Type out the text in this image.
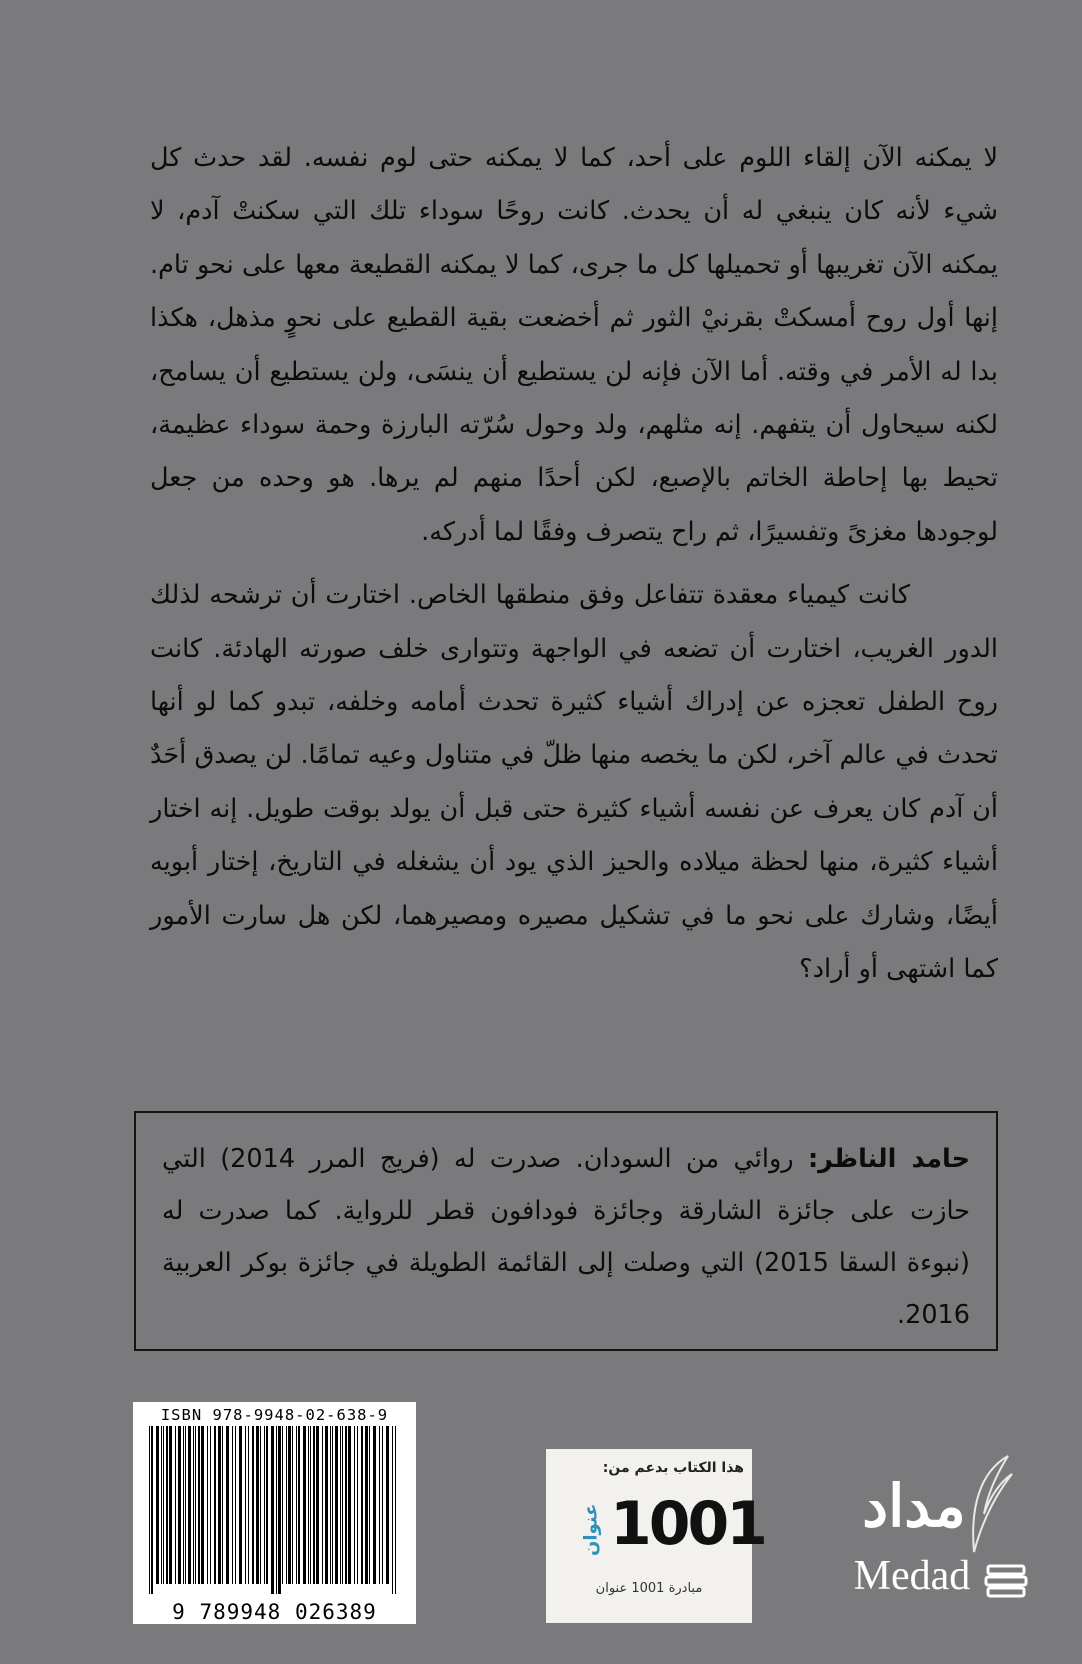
لا يمكنه الآن إلقاء اللوم على أحد، كما لا يمكنه حتى لوم نفسه. لقد حدث كل شيء لأنه كان ينبغي له أن يحدث. كانت روحًا سوداء تلك التي سكنتْ آدم، لا يمكنه الآن تغريبها أو تحميلها كل ما جرى، كما لا يمكنه القطيعة معها على نحو تام. إنها أول روح أمسكتْ بقرنيْ الثور ثم أخضعت بقية القطيع على نحوٍ مذهل، هكذا بدا له الأمر في وقته. أما الآن فإنه لن يستطيع أن ينسَى، ولن يستطيع أن يسامح، لكنه سيحاول أن يتفهم. إنه مثلهم، ولد وحول سُرّته البارزة وحمة سوداء عظيمة، تحيط بها إحاطة الخاتم بالإصبع، لكن أحدًا منهم لم يرها. هو وحده من جعل لوجودها مغزىً وتفسيرًا، ثم راح يتصرف وفقًا لما أدركه.

كانت كيمياء معقدة تتفاعل وفق منطقها الخاص. اختارت أن ترشحه لذلك الدور الغريب، اختارت أن تضعه في الواجهة وتتوارى خلف صورته الهادئة. كانت روح الطفل تعجزه عن إدراك أشياء كثيرة تحدث أمامه وخلفه، تبدو كما لو أنها تحدث في عالم آخر، لكن ما يخصه منها ظلّ في متناول وعيه تمامًا. لن يصدق أحَدٌ أن آدم كان يعرف عن نفسه أشياء كثيرة حتى قبل أن يولد بوقت طويل. إنه اختار أشياء كثيرة، منها لحظة ميلاده والحيز الذي يود أن يشغله في التاريخ، إختار أبويه أيضًا، وشارك على نحو ما في تشكيل مصيره ومصيرهما، لكن هل سارت الأمور كما اشتهى أو أراد؟

حامد الناظر: روائي من السودان. صدرت له (فريج المرر 2014) التي حازت على جائزة الشارقة وجائزة فودافون قطر للرواية. كما صدرت له (نبوءة السقا 2015) التي وصلت إلى القائمة الطويلة في جائزة بوكر العربية 2016.
ISBN 978-9948-02-638-9
9 789948 026389
هذا الكتاب بدعم من:
عنوان 1001
مبادرة 1001 عنوان
مداد
Medad
